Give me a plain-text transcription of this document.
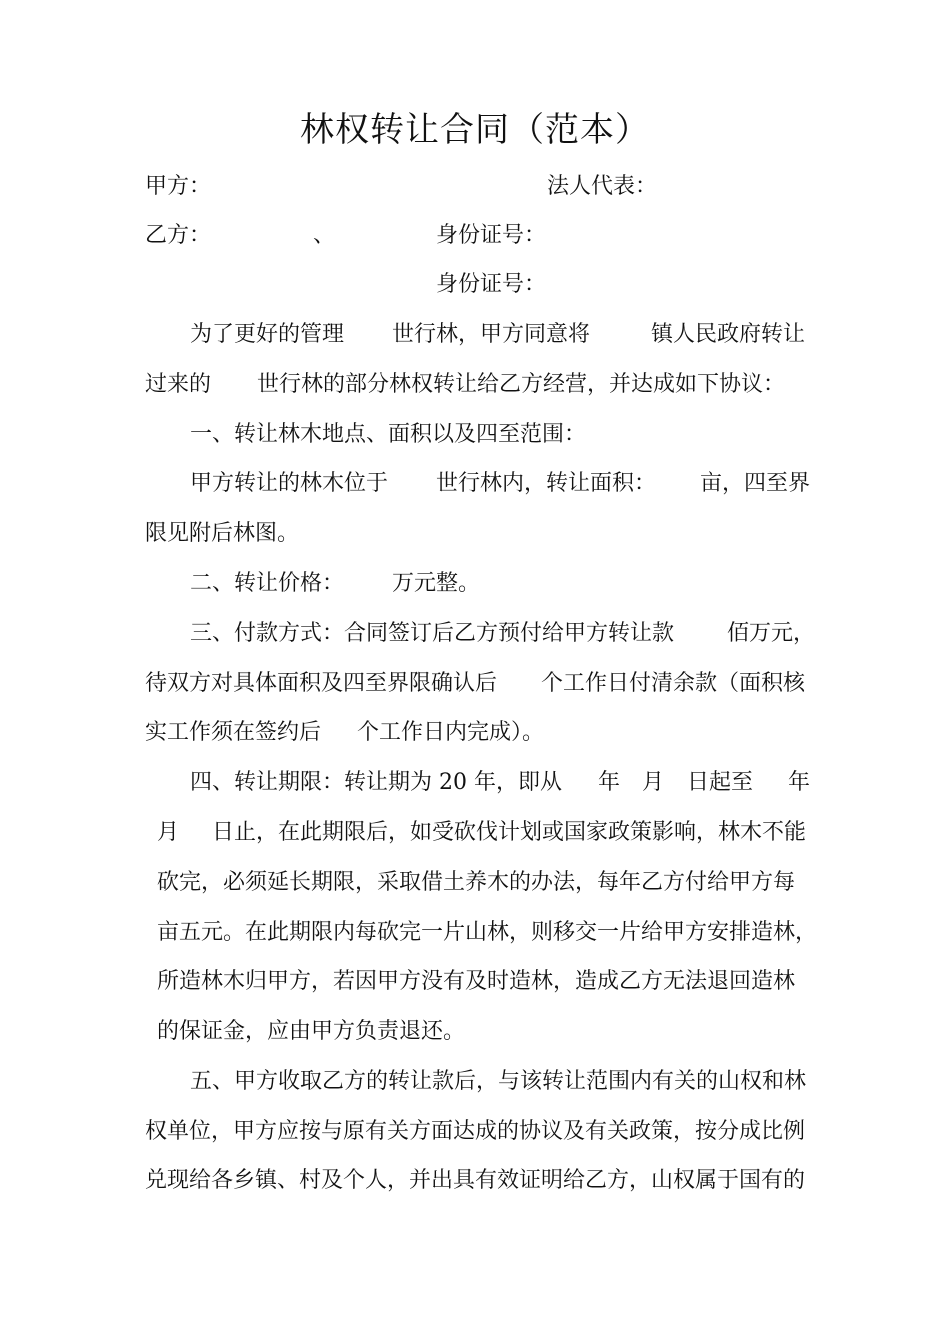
林权转让合同（范本）
甲方：	法人代表：
乙方：	、	身份证号：
身份证号：
为了更好的管理 世行林，甲方同意将	镇人民政府转让
过来的 世行林的部分林权转让给乙方经营，并达成如下协议：
一、转让林木地点、面积以及四至范围：
甲方转让的林木位于 世行林内，转让面积： 亩，四至界
限见附后林图。
二、转让价格： 万元整。
三、付款方式：合同签订后乙方预付给甲方转让款 佰万元，
待双方对具体面积及四至界限确认后 个工作日付清余款（面积核
实工作须在签约后 个工作日内完成）。
四、转让期限：转让期为 20 年，即从 年 月 日起至 年
月 日止，在此期限后，如受砍伐计划或国家政策影响，林木不能
砍完，必须延长期限，采取借土养木的办法，每年乙方付给甲方每
亩五元。在此期限内每砍完一片山林，则移交一片给甲方安排造林，
所造林木归甲方，若因甲方没有及时造林，造成乙方无法退回造林
的保证金，应由甲方负责退还。
五、甲方收取乙方的转让款后，与该转让范围内有关的山权和林
权单位，甲方应按与原有关方面达成的协议及有关政策，按分成比例
兑现给各乡镇、村及个人，并出具有效证明给乙方，山权属于国有的
